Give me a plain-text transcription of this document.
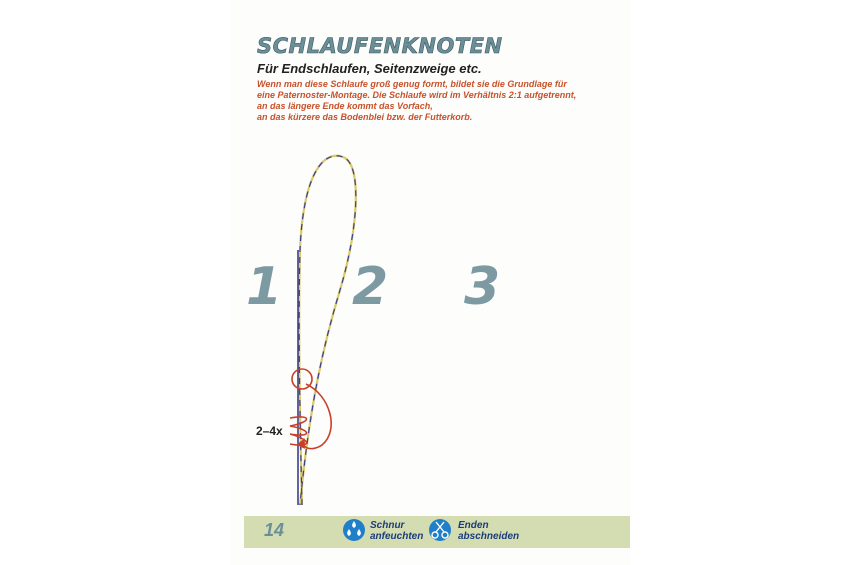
SCHLAUFENKNOTEN

Für Endschlaufen, Seitenzweige etc.

Wenn man diese Schlaufe groß genug formt, bildet sie die Grundlage für
eine Paternoster-Montage. Die Schlaufe wird im Verhältnis 2:1 aufgetrennt,
an das längere Ende kommt das Vorfach,
an das kürzere das Bodenblei bzw. der Futterkorb.

1 2 3
2–4x
14	Schnur
anfeuchten
Enden
abschneiden
